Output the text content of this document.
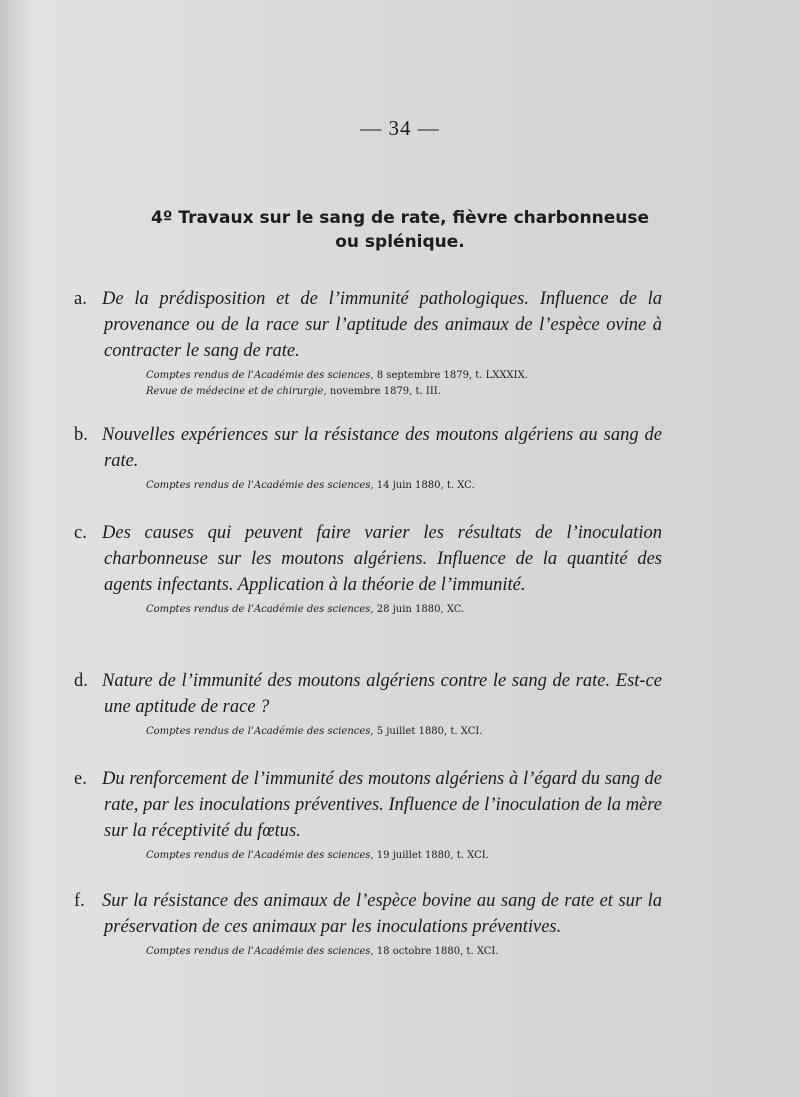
— 34 —
4º Travaux sur le sang de rate, fièvre charbonneuse
ou splénique.
a. De la prédisposition et de l’immunité pathologiques. Influence de la provenance ou de la race sur l’aptitude des animaux de l’espèce ovine à contracter le sang de rate.
Comptes rendus de l’Académie des sciences, 8 septembre 1879, t. LXXXIX.
Revue de médecine et de chirurgie, novembre 1879, t. III.
b. Nouvelles expériences sur la résistance des moutons algériens au sang de rate.
Comptes rendus de l’Académie des sciences, 14 juin 1880, t. XC.
c. Des causes qui peuvent faire varier les résultats de l’inoculation charbonneuse sur les moutons algériens. Influence de la quantité des agents infectants. Application à la théorie de l’immunité.
Comptes rendus de l’Académie des sciences, 28 juin 1880, XC.
d. Nature de l’immunité des moutons algériens contre le sang de rate. Est-ce une aptitude de race ?
Comptes rendus de l’Académie des sciences, 5 juillet 1880, t. XCI.
e. Du renforcement de l’immunité des moutons algériens à l’égard du sang de rate, par les inoculations préventives. Influence de l’inoculation de la mère sur la réceptivité du fœtus.
Comptes rendus de l’Académie des sciences, 19 juillet 1880, t. XCI.
f. Sur la résistance des animaux de l’espèce bovine au sang de rate et sur la préservation de ces animaux par les inoculations préventives.
Comptes rendus de l’Académie des sciences, 18 octobre 1880, t. XCI.
